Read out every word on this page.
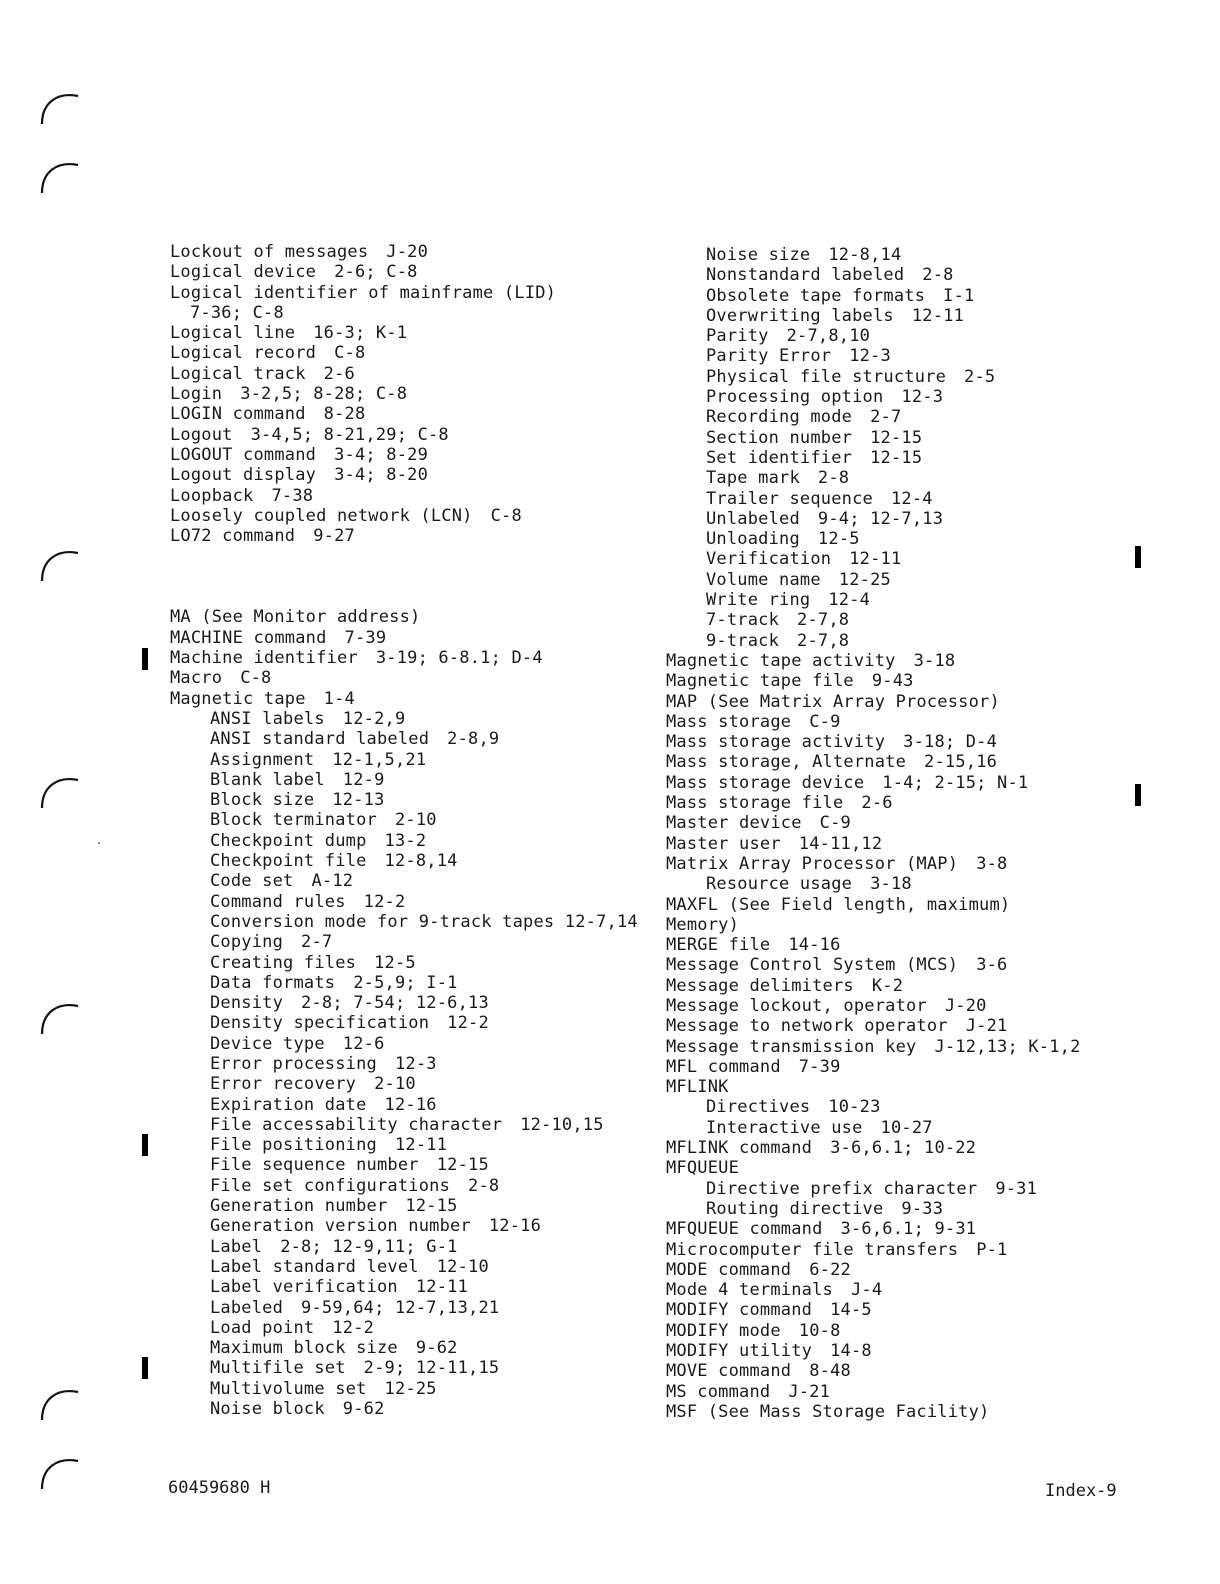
Lockout of messages J-20
Logical device 2-6; C-8
Logical identifier of mainframe (LID)
7-36; C-8
Logical line 16-3; K-1
Logical record C-8
Logical track 2-6
Login 3-2,5; 8-28; C-8
LOGIN command 8-28
Logout 3-4,5; 8-21,29; C-8
LOGOUT command 3-4; 8-29
Logout display 3-4; 8-20
Loopback 7-38
Loosely coupled network (LCN) C-8
LO72 command 9-27
MA (See Monitor address)
MACHINE command 7-39
Machine identifier 3-19; 6-8.1; D-4
Macro C-8
Magnetic tape 1-4
ANSI labels 12-2,9
ANSI standard labeled 2-8,9
Assignment 12-1,5,21
Blank label 12-9
Block size 12-13
Block terminator 2-10
Checkpoint dump 13-2
Checkpoint file 12-8,14
Code set A-12
Command rules 12-2
Conversion mode for 9-track tapes 12-7,14
Copying 2-7
Creating files 12-5
Data formats 2-5,9; I-1
Density 2-8; 7-54; 12-6,13
Density specification 12-2
Device type 12-6
Error processing 12-3
Error recovery 2-10
Expiration date 12-16
File accessability character 12-10,15
File positioning 12-11
File sequence number 12-15
File set configurations 2-8
Generation number 12-15
Generation version number 12-16
Label 2-8; 12-9,11; G-1
Label standard level 12-10
Label verification 12-11
Labeled 9-59,64; 12-7,13,21
Load point 12-2
Maximum block size 9-62
Multifile set 2-9; 12-11,15
Multivolume set 12-25
Noise block 9-62
Noise size 12-8,14
Nonstandard labeled 2-8
Obsolete tape formats I-1
Overwriting labels 12-11
Parity 2-7,8,10
Parity Error 12-3
Physical file structure 2-5
Processing option 12-3
Recording mode 2-7
Section number 12-15
Set identifier 12-15
Tape mark 2-8
Trailer sequence 12-4
Unlabeled 9-4; 12-7,13
Unloading 12-5
Verification 12-11
Volume name 12-25
Write ring 12-4
7-track 2-7,8
9-track 2-7,8
Magnetic tape activity 3-18
Magnetic tape file 9-43
MAP (See Matrix Array Processor)
Mass storage C-9
Mass storage activity 3-18; D-4
Mass storage, Alternate 2-15,16
Mass storage device 1-4; 2-15; N-1
Mass storage file 2-6
Master device C-9
Master user 14-11,12
Matrix Array Processor (MAP) 3-8
Resource usage 3-18
MAXFL (See Field length, maximum)
Memory)
MERGE file 14-16
Message Control System (MCS) 3-6
Message delimiters K-2
Message lockout, operator J-20
Message to network operator J-21
Message transmission key J-12,13; K-1,2
MFL command 7-39
MFLINK
Directives 10-23
Interactive use 10-27
MFLINK command 3-6,6.1; 10-22
MFQUEUE
Directive prefix character 9-31
Routing directive 9-33
MFQUEUE command 3-6,6.1; 9-31
Microcomputer file transfers P-1
MODE command 6-22
Mode 4 terminals J-4
MODIFY command 14-5
MODIFY mode 10-8
MODIFY utility 14-8
MOVE command 8-48
MS command J-21
MSF (See Mass Storage Facility)
60459680 H	Index-9
